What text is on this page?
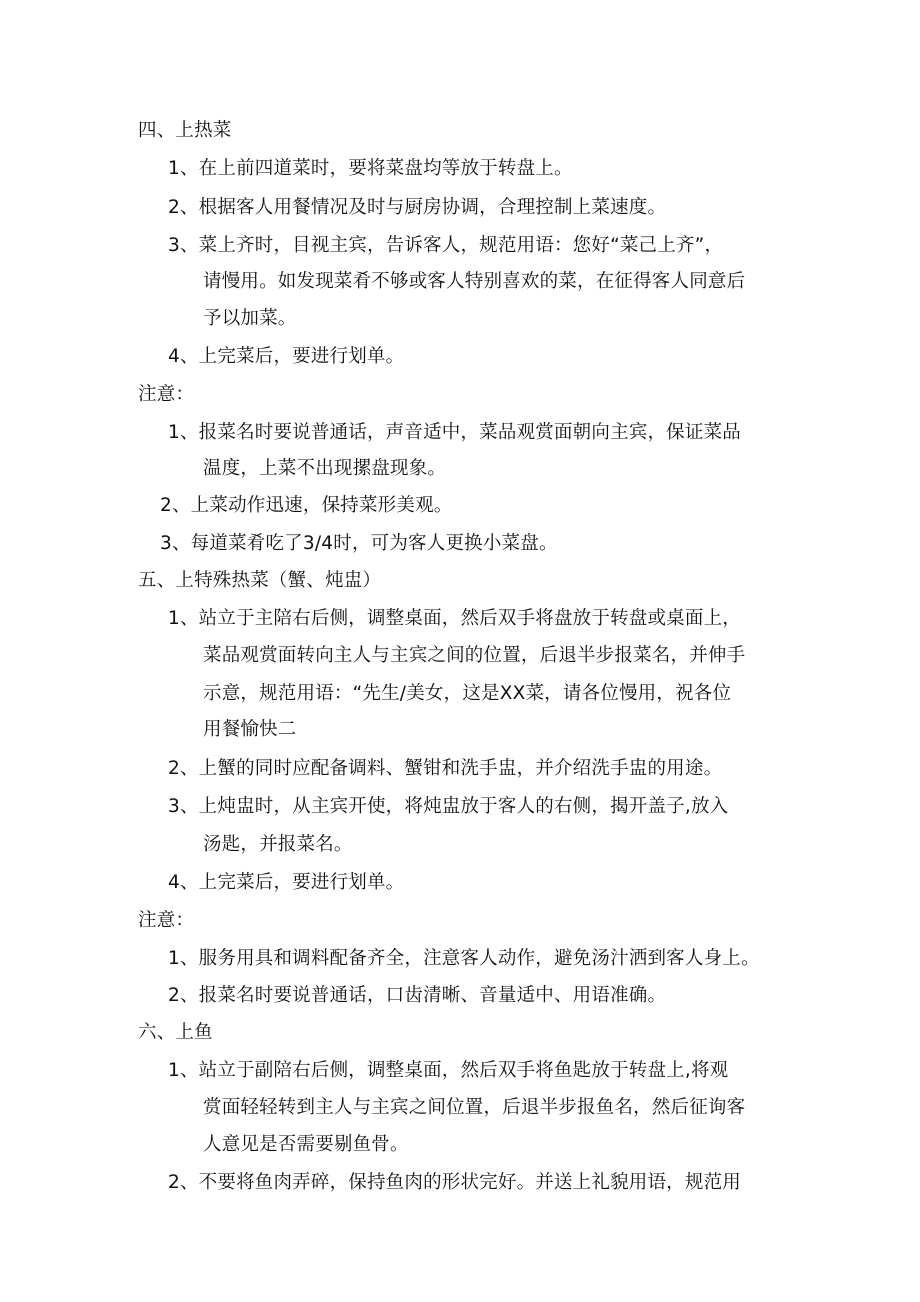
四、上热菜
1、在上前四道菜时，要将菜盘均等放于转盘上。
2、根据客人用餐情况及时与厨房协调，合理控制上菜速度。
3、菜上齐时，目视主宾，告诉客人，规范用语：您好“菜己上齐”，
请慢用。如发现菜肴不够或客人特别喜欢的菜，在征得客人同意后
予以加菜。
4、上完菜后，要进行划单。
注意：
1、报菜名时要说普通话，声音适中，菜品观赏面朝向主宾，保证菜品
温度，上菜不出现摞盘现象。
2、上菜动作迅速，保持菜形美观。
3、每道菜肴吃了3/4时，可为客人更换小菜盘。
五、上特殊热菜（蟹、炖盅）
1、站立于主陪右后侧，调整桌面，然后双手将盘放于转盘或桌面上，
菜品观赏面转向主人与主宾之间的位置，后退半步报菜名，并伸手
示意，规范用语：“先生/美女，这是XX菜，请各位慢用，祝各位
用餐愉快二
2、上蟹的同时应配备调料、蟹钳和洗手盅，并介绍洗手盅的用途。
3、上炖盅时，从主宾开使，将炖盅放于客人的右侧，揭开盖子,放入
汤匙，并报菜名。
4、上完菜后，要进行划单。
注意：
1、服务用具和调料配备齐全，注意客人动作，避免汤汁洒到客人身上。
2、报菜名时要说普通话，口齿清晰、音量适中、用语准确。
六、上鱼
1、站立于副陪右后侧，调整桌面，然后双手将鱼匙放于转盘上,将观
赏面轻轻转到主人与主宾之间位置，后退半步报鱼名，然后征询客
人意见是否需要剔鱼骨。
2、不要将鱼肉弄碎，保持鱼肉的形状完好。并送上礼貌用语，规范用
